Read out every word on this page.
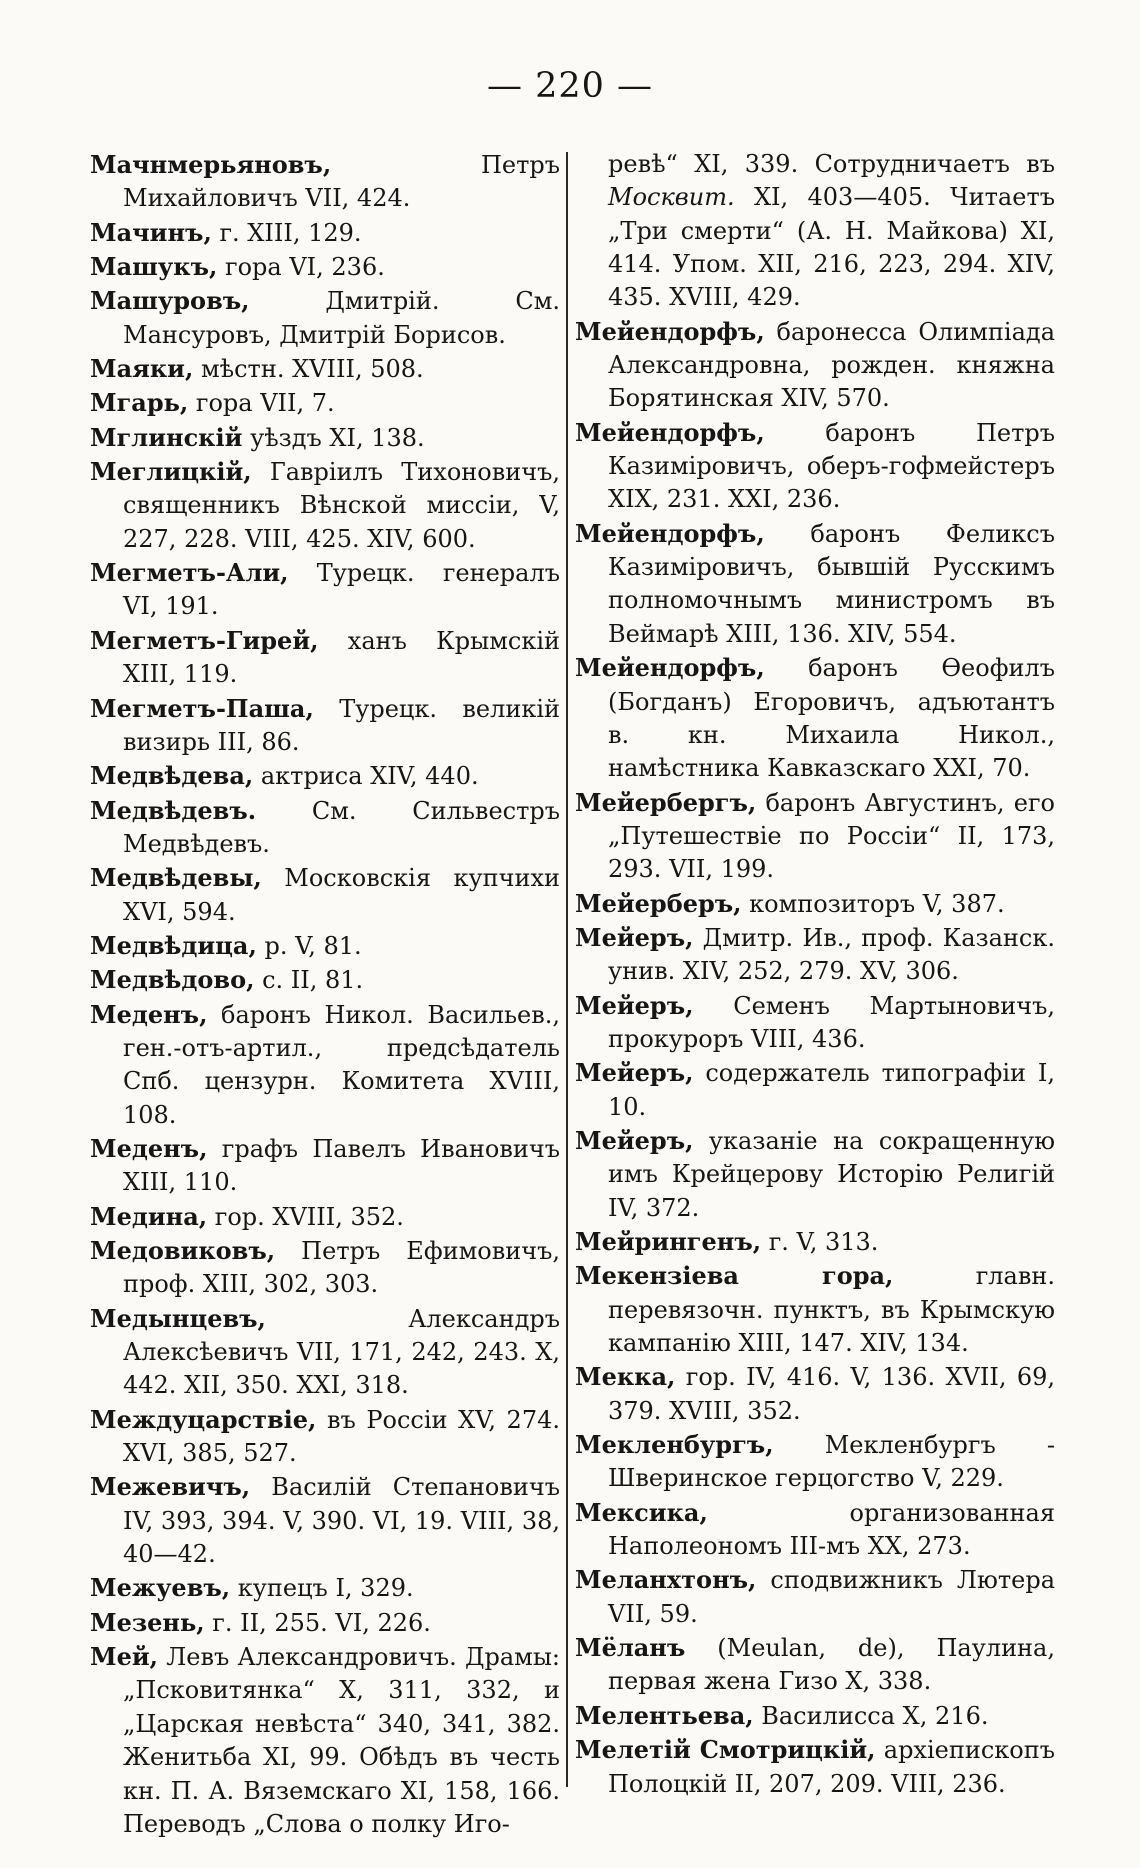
— 220 —
Мачнмерьяновъ, Петръ Михайловичъ VII, 424.
Мачинъ, г. XIII, 129.
Машукъ, гора VI, 236.
Машуровъ, Дмитрій. См. Мансуровъ, Дмитрій Борисов.
Маяки, мѣстн. XVIII, 508.
Мгарь, гора VII, 7.
Мглинскій уѣздъ XI, 138.
Меглицкій, Гавріилъ Тихоновичъ, священникъ Вѣнской миссіи, V, 227, 228. VIII, 425. XIV, 600.
Мегметъ-Али, Турецк. генералъ VI, 191.
Мегметъ-Гирей, ханъ Крымскій XIII, 119.
Мегметъ-Паша, Турецк. великій визирь III, 86.
Медвѣдева, актриса XIV, 440.
Медвѣдевъ. См. Сильвестръ Медвѣдевъ.
Медвѣдевы, Московскія купчихи XVI, 594.
Медвѣдица, р. V, 81.
Медвѣдово, с. II, 81.
Меденъ, баронъ Никол. Васильев., ген.-отъ-артил., предсѣдатель Спб. цензурн. Комитета XVIII, 108.
Меденъ, графъ Павелъ Ивановичъ XIII, 110.
Медина, гор. XVIII, 352.
Медовиковъ, Петръ Ефимовичъ, проф. XIII, 302, 303.
Медынцевъ, Александръ Алексѣевичъ VII, 171, 242, 243. X, 442. XII, 350. XXI, 318.
Междуцарствіе, въ Россіи XV, 274. XVI, 385, 527.
Межевичъ, Василій Степановичъ IV, 393, 394. V, 390. VI, 19. VIII, 38, 40—42.
Межуевъ, купецъ I, 329.
Мезень, г. II, 255. VI, 226.
Мей, Левъ Александровичъ. Драмы: „Псковитянка“ X, 311, 332, и „Царская невѣста“ 340, 341, 382. Женитьба XI, 99. Обѣдъ въ честь кн. П. А. Вяземскаго XI, 158, 166. Переводъ „Слова о полку Иго-
ревѣ“ XI, 339. Сотрудничаетъ въ Москвит. XI, 403—405. Читаетъ „Три смерти“ (А. Н. Майкова) XI, 414. Упом. XII, 216, 223, 294. XIV, 435. XVIII, 429.
Мейендорфъ, баронесса Олимпіада Александровна, рожден. княжна Борятинская XIV, 570.
Мейендорфъ, баронъ Петръ Казиміровичъ, оберъ-гофмейстеръ XIX, 231. XXI, 236.
Мейендорфъ, баронъ Феликсъ Казиміровичъ, бывшій Русскимъ полномочнымъ министромъ въ Веймарѣ XIII, 136. XIV, 554.
Мейендорфъ, баронъ Ѳеофилъ (Богданъ) Егоровичъ, адъютантъ в. кн. Михаила Никол., намѣстника Кавказскаго XXI, 70.
Мейербергъ, баронъ Августинъ, его „Путешествіе по Россіи“ II, 173, 293. VII, 199.
Мейерберъ, композиторъ V, 387.
Мейеръ, Дмитр. Ив., проф. Казанск. унив. XIV, 252, 279. XV, 306.
Мейеръ, Семенъ Мартыновичъ, прокуроръ VIII, 436.
Мейеръ, содержатель типографіи I, 10.
Мейеръ, указаніе на сокращенную имъ Крейцерову Исторію Религій IV, 372.
Мейрингенъ, г. V, 313.
Мекензіева гора, главн. перевязочн. пунктъ, въ Крымскую кампанію XIII, 147. XIV, 134.
Мекка, гор. IV, 416. V, 136. XVII, 69, 379. XVIII, 352.
Мекленбургъ, Мекленбургъ - Шверинское герцогство V, 229.
Мексика, организованная Наполеономъ III-мъ XX, 273.
Меланхтонъ, сподвижникъ Лютера VII, 59.
Мёланъ (Meulan, de), Паулина, первая жена Гизо X, 338.
Мелентьева, Василисса X, 216.
Мелетій Смотрицкій, архіепископъ Полоцкій II, 207, 209. VIII, 236.
